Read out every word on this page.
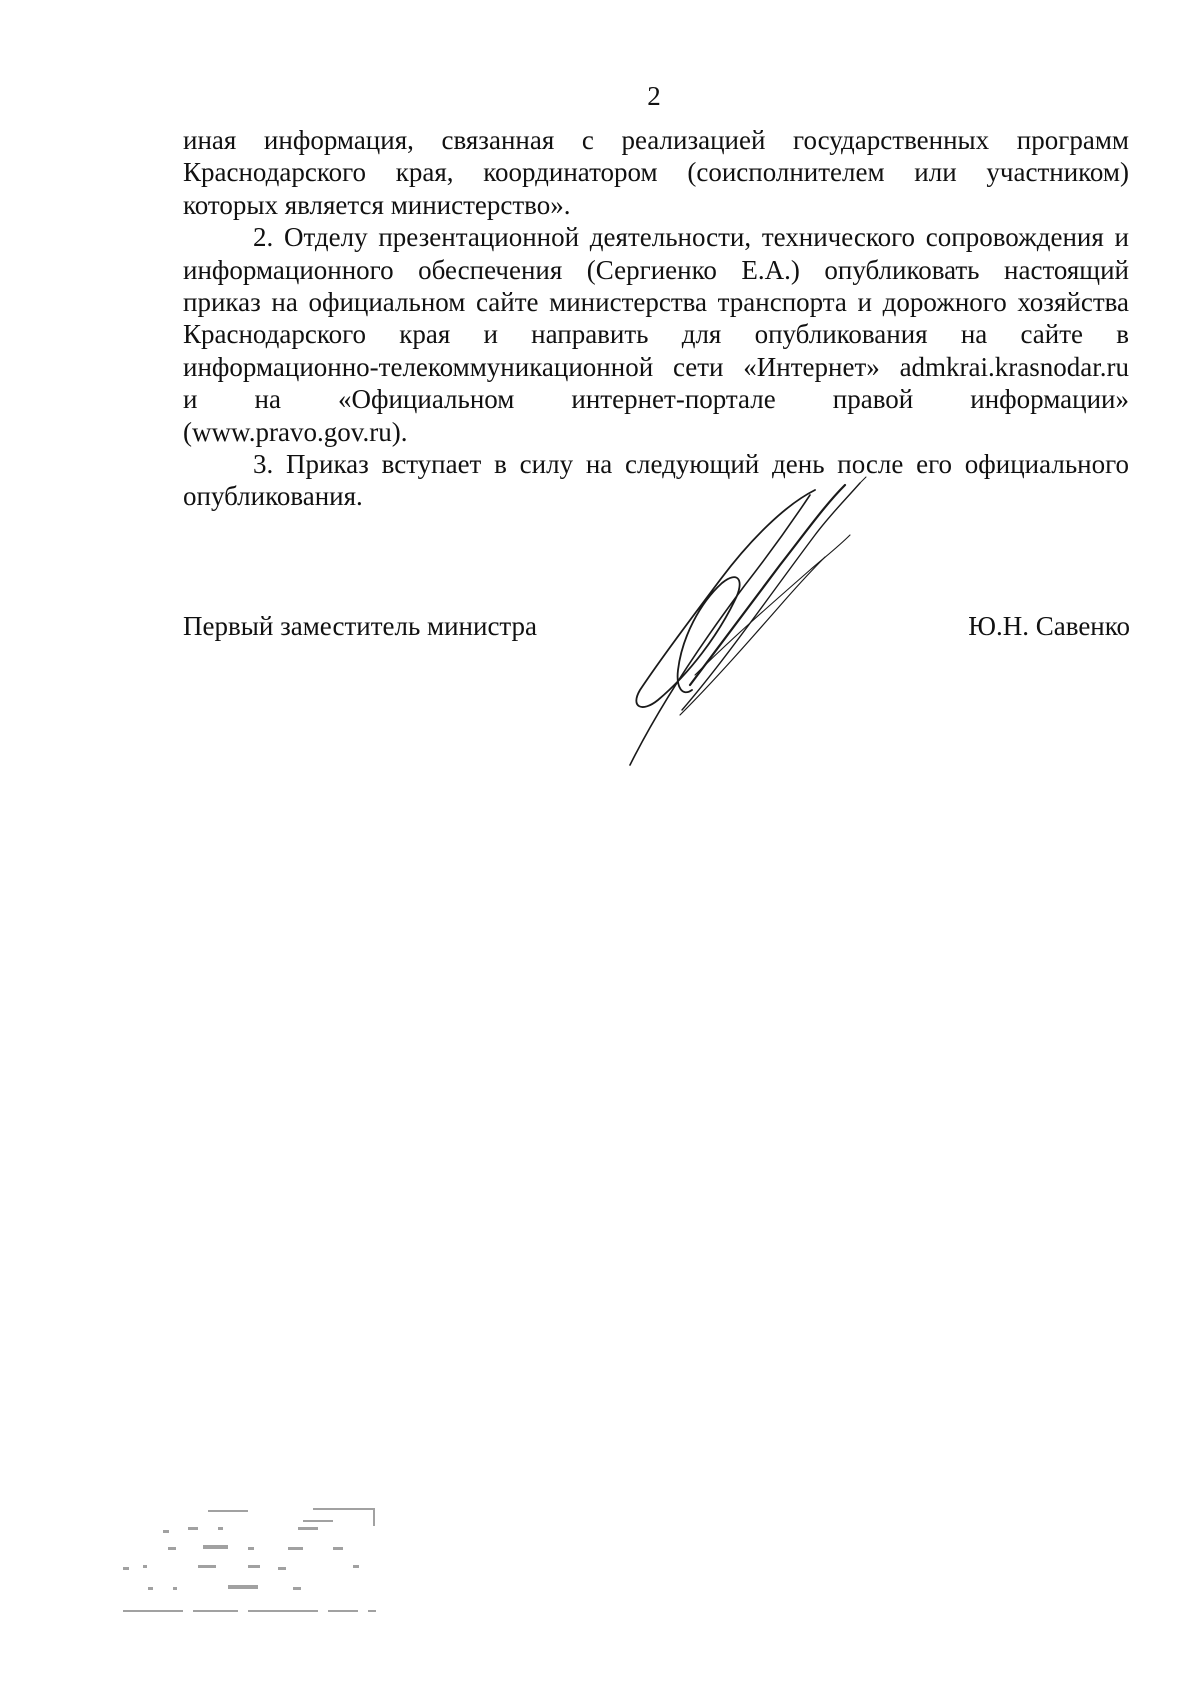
2

иная информация, связанная с реализацией государственных программ
Краснодарского края, координатором (соисполнителем или участником)
которых является министерство».

2. Отделу презентационной деятельности, технического сопровождения и
информационного обеспечения (Сергиенко Е.А.) опубликовать настоящий
приказ на официальном сайте министерства транспорта и дорожного хозяйства
Краснодарского края и направить для опубликования на сайте в
информационно-телекоммуникационной сети «Интернет» admkrai.krasnodar.ru
и на «Официальном интернет-портале правой информации»
(www.pravo.gov.ru).

3. Приказ вступает в силу на следующий день после его официального
опубликования.

Первый заместитель министра	Ю.Н. Савенко
